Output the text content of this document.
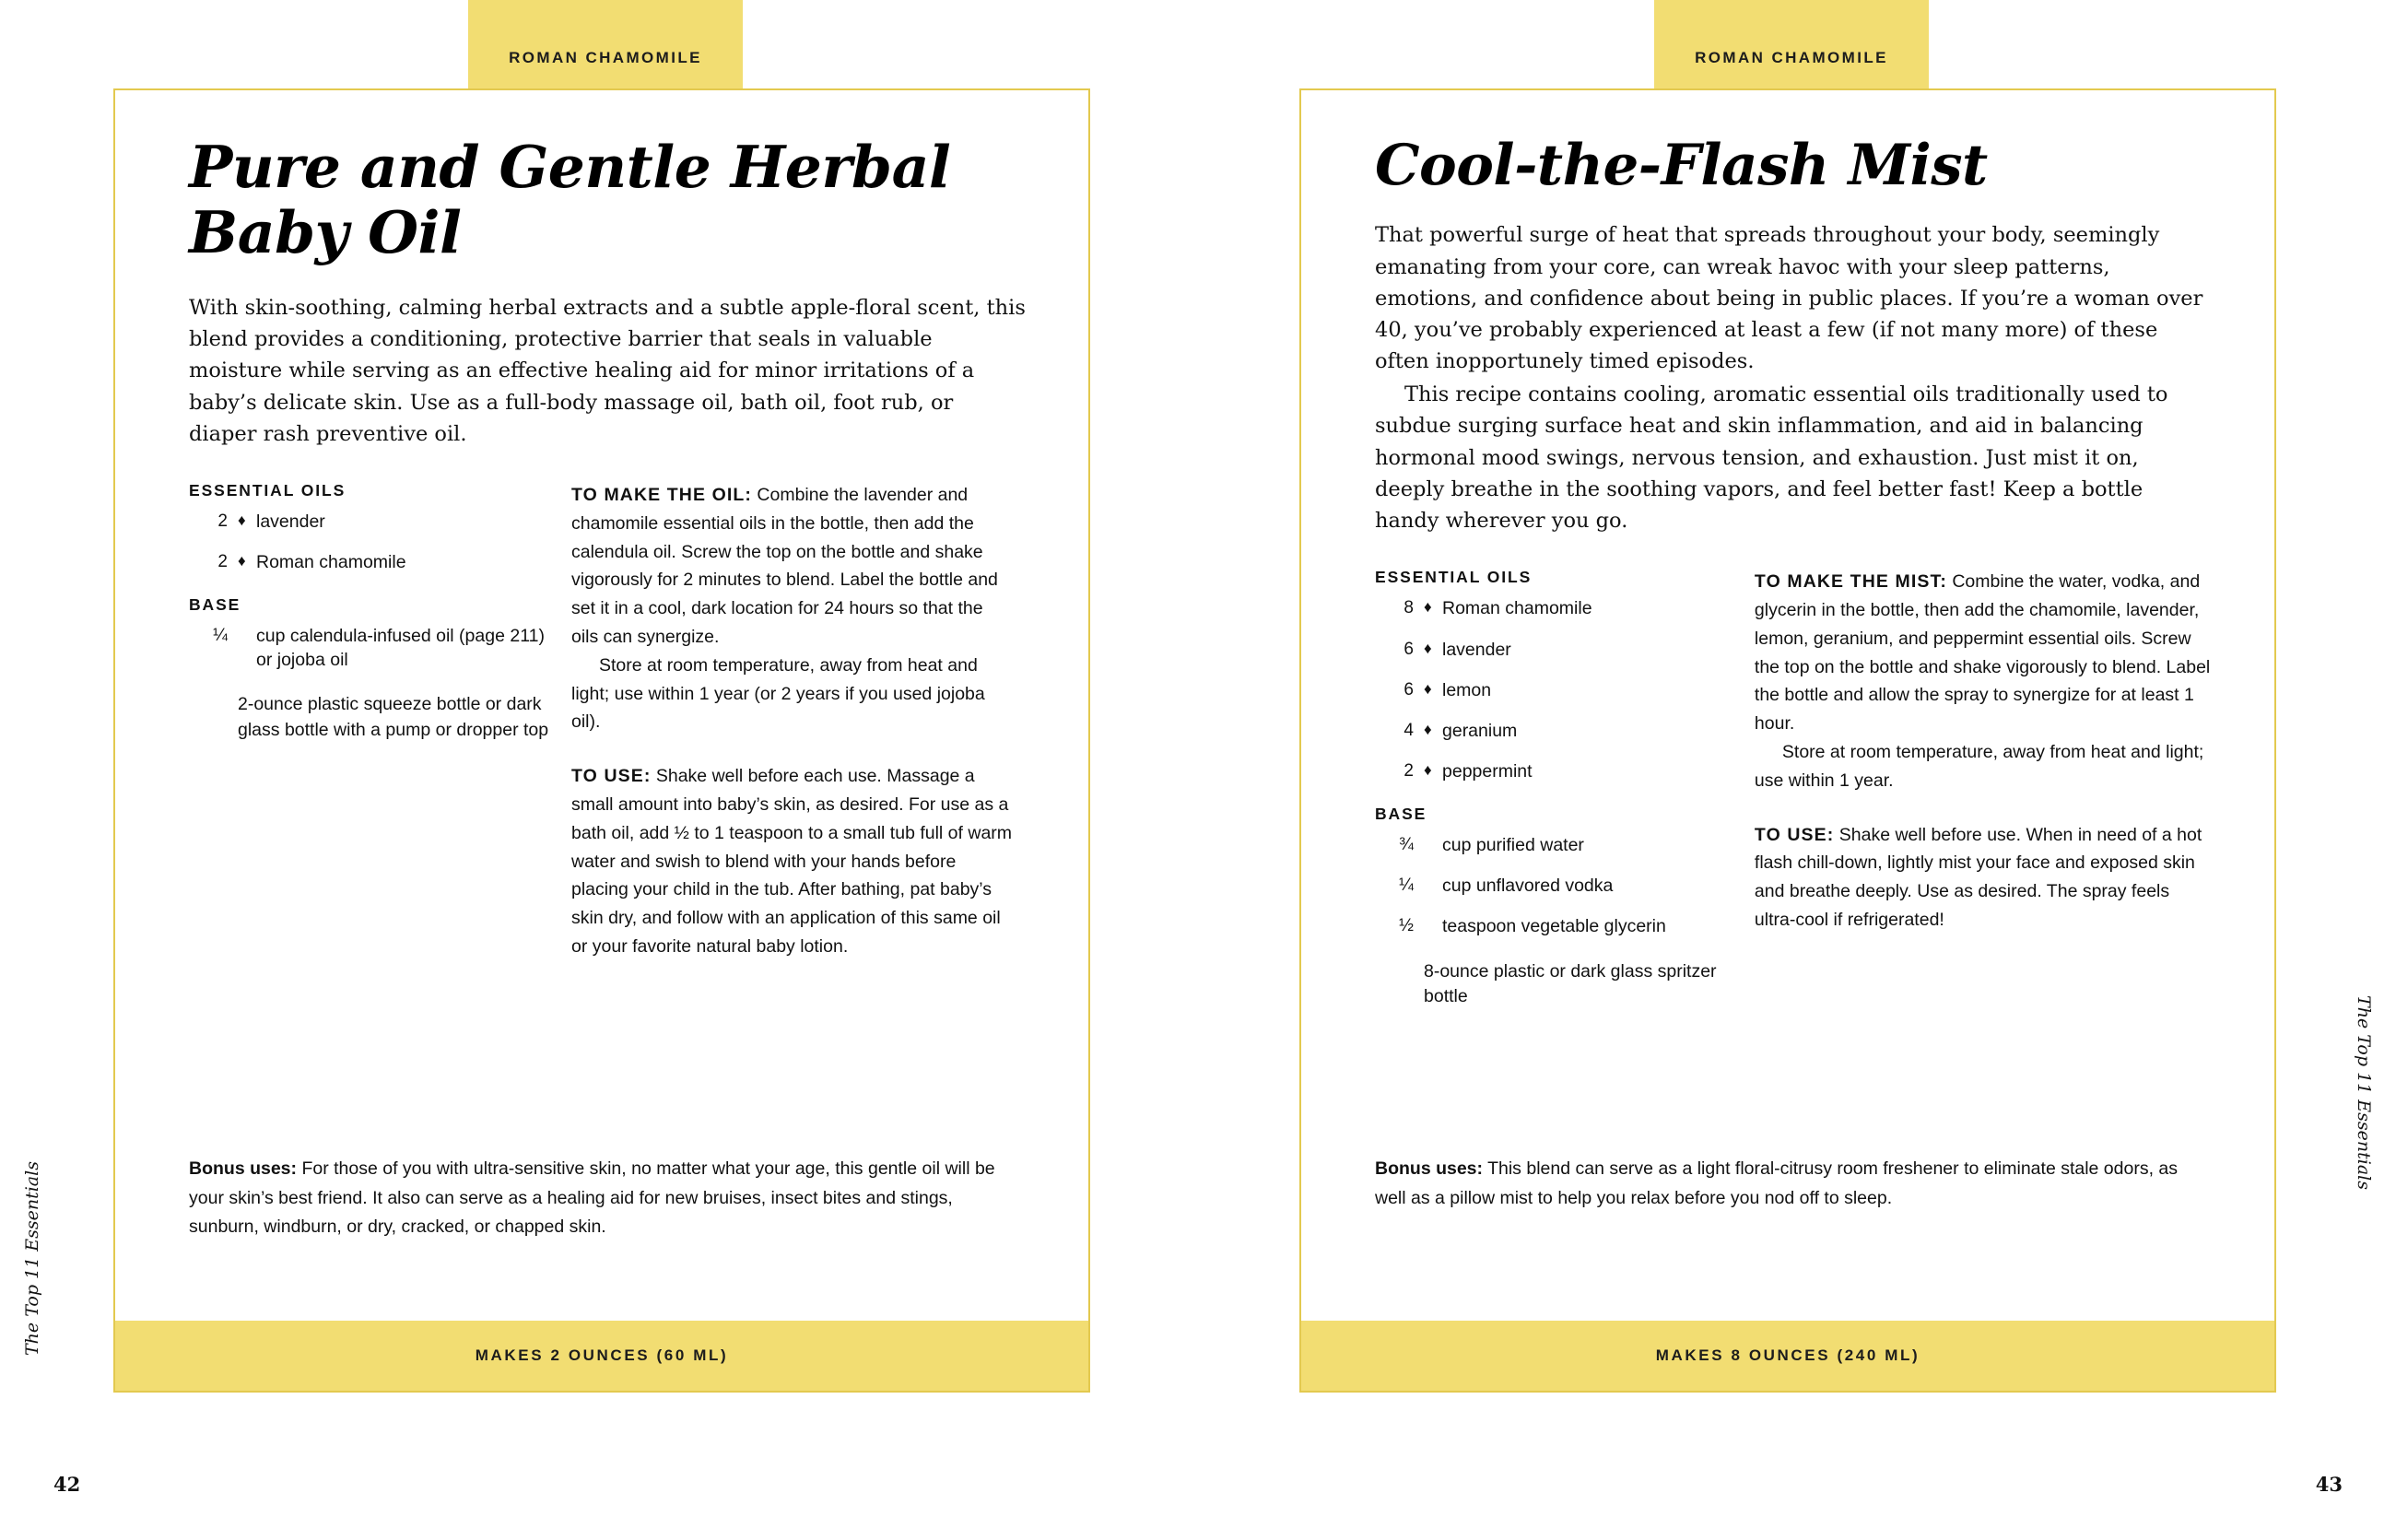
ROMAN CHAMOMILE
Pure and Gentle Herbal Baby Oil

With skin-soothing, calming herbal extracts and a subtle apple-floral scent, this blend provides a conditioning, protective barrier that seals in valuable moisture while serving as an effective healing aid for minor irritations of a baby’s delicate skin. Use as a full-body massage oil, bath oil, foot rub, or diaper rash preventive oil.

ESSENTIAL OILS
2 ♦ lavender
2 ♦ Roman chamomile
BASE
¼	cup calendula-infused oil (page 211) or jojoba oil
2-ounce plastic squeeze bottle or dark glass bottle with a pump or dropper top

TO MAKE THE OIL: Combine the lavender and chamomile essential oils in the bottle, then add the calendula oil. Screw the top on the bottle and shake vigorously for 2 minutes to blend. Label the bottle and set it in a cool, dark location for 24 hours so that the oils can synergize.
Store at room temperature, away from heat and light; use within 1 year (or 2 years if you used jojoba oil).

TO USE: Shake well before each use. Massage a small amount into baby’s skin, as desired. For use as a bath oil, add ½ to 1 teaspoon to a small tub full of warm water and swish to blend with your hands before placing your child in the tub. After bathing, pat baby’s skin dry, and follow with an application of this same oil or your favorite natural baby lotion.

Bonus uses: For those of you with ultra-sensitive skin, no matter what your age, this gentle oil will be your skin’s best friend. It also can serve as a healing aid for new bruises, insect bites and stings, sunburn, windburn, or dry, cracked, or chapped skin.
MAKES 2 OUNCES (60 ML)
The Top 11 Essentials
42
ROMAN CHAMOMILE
Cool-the-Flash Mist

That powerful surge of heat that spreads throughout your body, seemingly emanating from your core, can wreak havoc with your sleep patterns, emotions, and confidence about being in public places. If you’re a woman over 40, you’ve probably experienced at least a few (if not many more) of these often inopportunely timed episodes.

This recipe contains cooling, aromatic essential oils traditionally used to subdue surging surface heat and skin inflammation, and aid in balancing hormonal mood swings, nervous tension, and exhaustion. Just mist it on, deeply breathe in the soothing vapors, and feel better fast! Keep a bottle handy wherever you go.

ESSENTIAL OILS
8 ♦ Roman chamomile
6 ♦ lavender
6 ♦ lemon
4 ♦ geranium
2 ♦ peppermint
BASE
¾	cup purified water
¼	cup unflavored vodka
½	teaspoon vegetable glycerin
8-ounce plastic or dark glass spritzer bottle

TO MAKE THE MIST: Combine the water, vodka, and glycerin in the bottle, then add the chamomile, lavender, lemon, geranium, and peppermint essential oils. Screw the top on the bottle and shake vigorously to blend. Label the bottle and allow the spray to synergize for at least 1 hour.
Store at room temperature, away from heat and light; use within 1 year.

TO USE: Shake well before use. When in need of a hot flash chill-down, lightly mist your face and exposed skin and breathe deeply. Use as desired. The spray feels ultra-cool if refrigerated!

Bonus uses: This blend can serve as a light floral-citrusy room freshener to eliminate stale odors, as well as a pillow mist to help you relax before you nod off to sleep.
MAKES 8 OUNCES (240 ML)
The Top 11 Essentials
43
